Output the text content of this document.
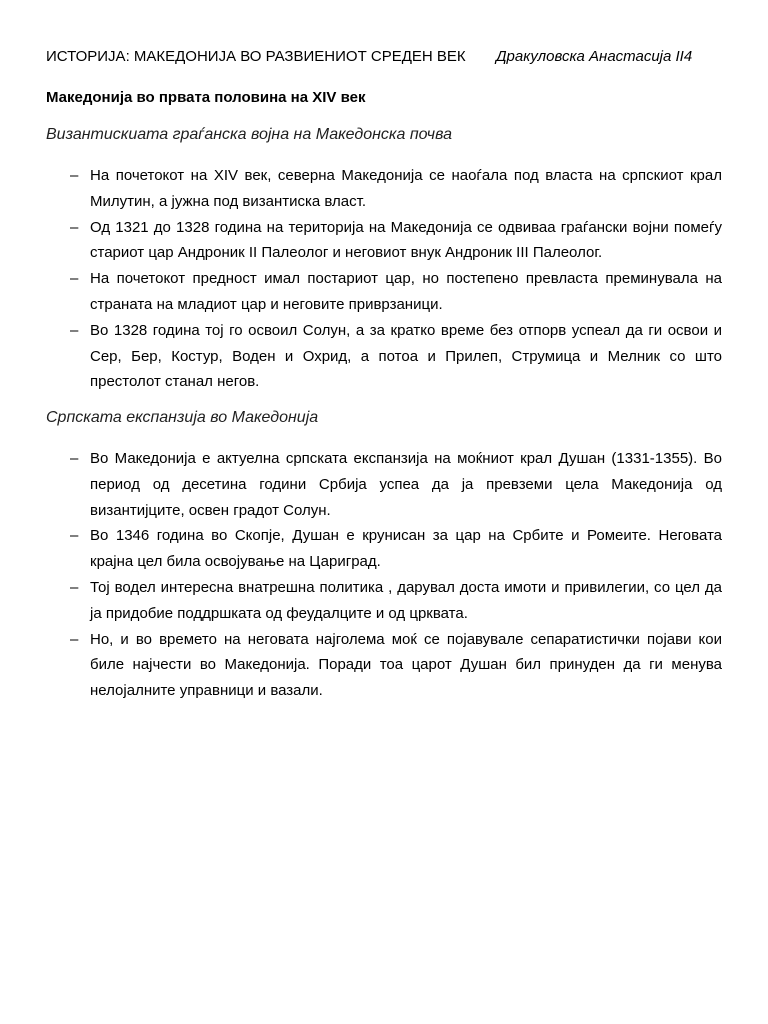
ИСТОРИЈА: МАКЕДОНИЈА ВО РАЗВИЕНИОТ СРЕДЕН ВЕК Дракуловска Анастасија II4
Македонија во првата половина на XIV век
Византискиата граѓанска војна на Македонска почва
– На почетокот на XIV век, северна Македонија се наоѓала под власта на српскиот крал Милутин, а јужна под византиска власт.
– Од 1321 до 1328 година на територија на Македонија се одвиваа граѓански војни помеѓу стариот цар Андроник II Палеолог и неговиот внук Андроник III Палеолог.
– На почетокот предност имал постариот цар, но постепено превласта преминувала на страната на младиот цар и неговите приврзаници.
– Во 1328 година тој го освоил Солун, а за кратко време без отпорв успеал да ги освои и Сер, Бер, Костур, Воден и Охрид, а потоа и Прилеп, Струмица и Мелник со што престолот станал негов.
Српската експанзија во Македонија
– Во Македонија е актуелна српската експанзија на моќниот крал Душан (1331-1355). Во период од десетина години Србија успеа да ја превземи цела Македонија од византијците, освен градот Солун.
– Во 1346 година во Скопје, Душан е крунисан за цар на Србите и Ромеите. Неговата крајна цел била освојување на Цариград.
– Тој водел интересна внатрешна политика , дарувал доста имоти и привилегии, со цел да ја придобие поддршката од феудалците и од црквата.
– Но, и во времето на неговата најголема моќ се појавувале сепаратистички појави кои биле најчести во Македонија. Поради тоа царот Душан бил принуден да ги менува нелојалните управници и вазали.
